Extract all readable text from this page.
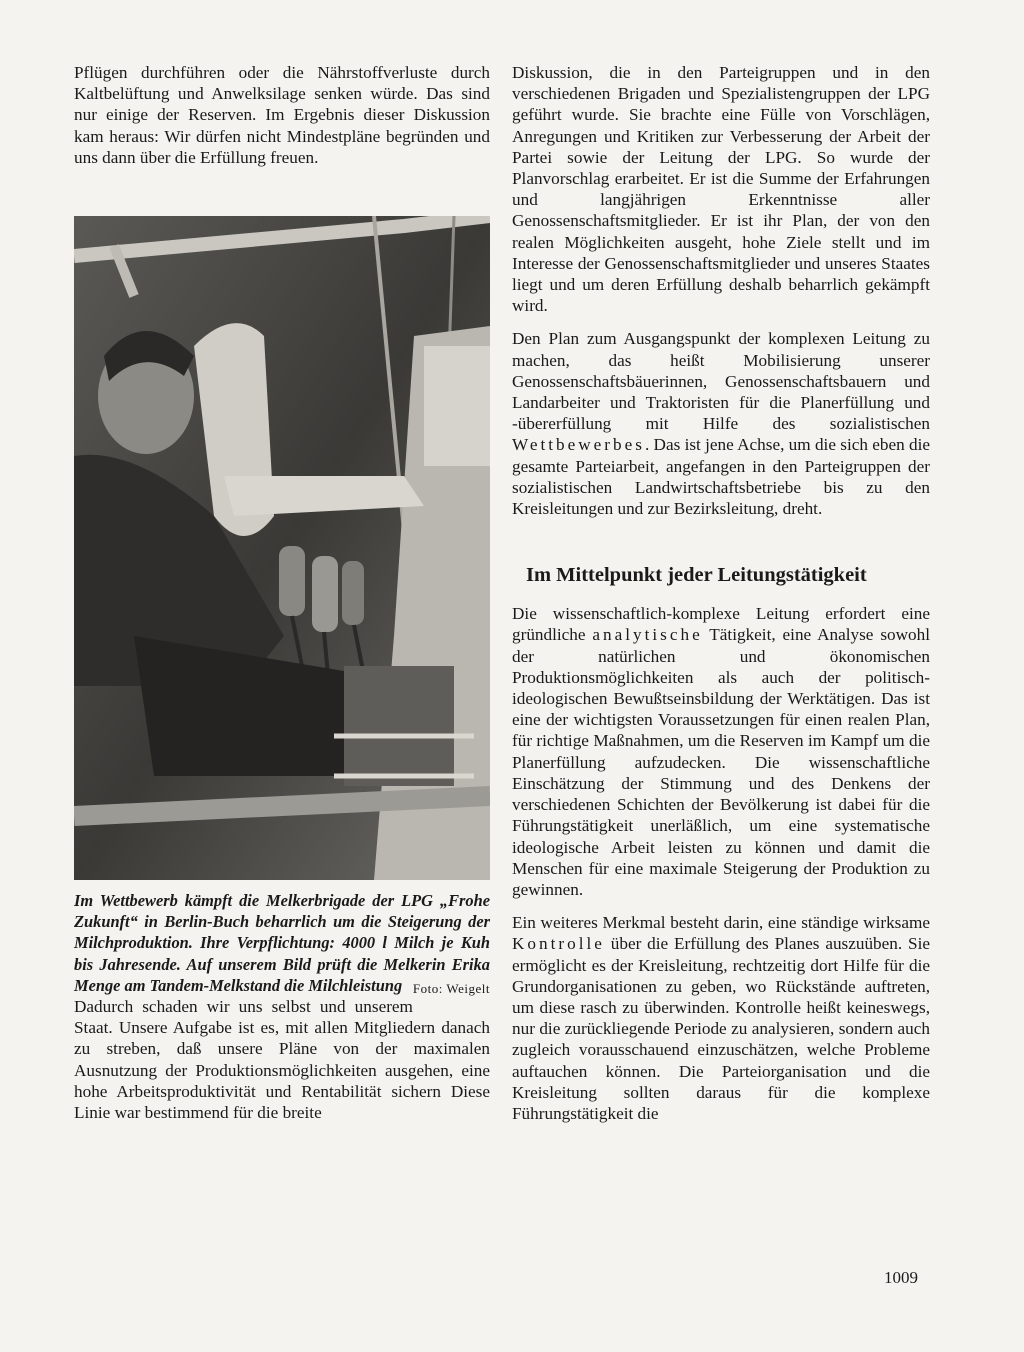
Pflügen durchführen oder die Nährstoffverluste durch Kaltbelüftung und Anwelksilage senken würde. Das sind nur einige der Reserven. Im Ergebnis dieser Diskussion kam heraus: Wir dürfen nicht Mindestpläne begründen und uns dann über die Erfüllung freuen.

Im Wettbewerb kämpft die Melkerbrigade der LPG „Frohe Zukunft“ in Berlin-Buch beharrlich um die Steigerung der Milchproduktion. Ihre Verpflichtung: 4000 l Milch je Kuh bis Jahresende. Auf unserem Bild prüft die Melkerin Erika Menge am Tandem-Melkstand die Milchleistung Foto: Weigelt

Dadurch schaden wir uns selbst und unserem Staat. Unsere Aufgabe ist es, mit allen Mitgliedern danach zu streben, daß unsere Pläne von der maximalen Ausnutzung der Produktionsmöglichkeiten ausgehen, eine hohe Arbeitsproduktivität und Rentabilität sichern Diese Linie war bestimmend für die breite

Diskussion, die in den Parteigruppen und in den verschiedenen Brigaden und Spezialistengruppen der LPG geführt wurde. Sie brachte eine Fülle von Vorschlägen, Anregungen und Kritiken zur Verbesserung der Arbeit der Partei sowie der Leitung der LPG. So wurde der Planvorschlag erarbeitet. Er ist die Summe der Erfahrungen und langjährigen Erkenntnisse aller Genossenschaftsmitglieder. Er ist ihr Plan, der von den realen Möglichkeiten ausgeht, hohe Ziele stellt und im Interesse der Genossenschaftsmitglieder und unseres Staates liegt und um deren Erfüllung deshalb beharrlich gekämpft wird.

Den Plan zum Ausgangspunkt der komplexen Leitung zu machen, das heißt Mobilisierung unserer Genossenschaftsbäuerinnen, Genossenschaftsbauern und Landarbeiter und Traktoristen für die Planerfüllung und -übererfüllung mit Hilfe des sozialistischen Wettbewerbes. Das ist jene Achse, um die sich eben die gesamte Parteiarbeit, angefangen in den Parteigruppen der sozialistischen Landwirtschaftsbetriebe bis zu den Kreisleitungen und zur Bezirksleitung, dreht.

Im Mittelpunkt jeder Leitungstätigkeit

Die wissenschaftlich-komplexe Leitung erfordert eine gründliche analytische Tätigkeit, eine Analyse sowohl der natürlichen und ökonomischen Produktionsmöglichkeiten als auch der politisch-ideologischen Bewußtseinsbildung der Werktätigen. Das ist eine der wichtigsten Voraussetzungen für einen realen Plan, für richtige Maßnahmen, um die Reserven im Kampf um die Planerfüllung aufzudecken. Die wissenschaftliche Einschätzung der Stimmung und des Denkens der verschiedenen Schichten der Bevölkerung ist dabei für die Führungstätigkeit unerläßlich, um eine systematische ideologische Arbeit leisten zu können und damit die Menschen für eine maximale Steigerung der Produktion zu gewinnen.

Ein weiteres Merkmal besteht darin, eine ständige wirksame Kontrolle über die Erfüllung des Planes auszuüben. Sie ermöglicht es der Kreisleitung, rechtzeitig dort Hilfe für die Grundorganisationen zu geben, wo Rückstände auftreten, um diese rasch zu überwinden. Kontrolle heißt keineswegs, nur die zurückliegende Periode zu analysieren, sondern auch zugleich vorausschauend einzuschätzen, welche Probleme auftauchen können. Die Parteiorganisation und die Kreisleitung sollten daraus für die komplexe Führungstätigkeit die

1009
